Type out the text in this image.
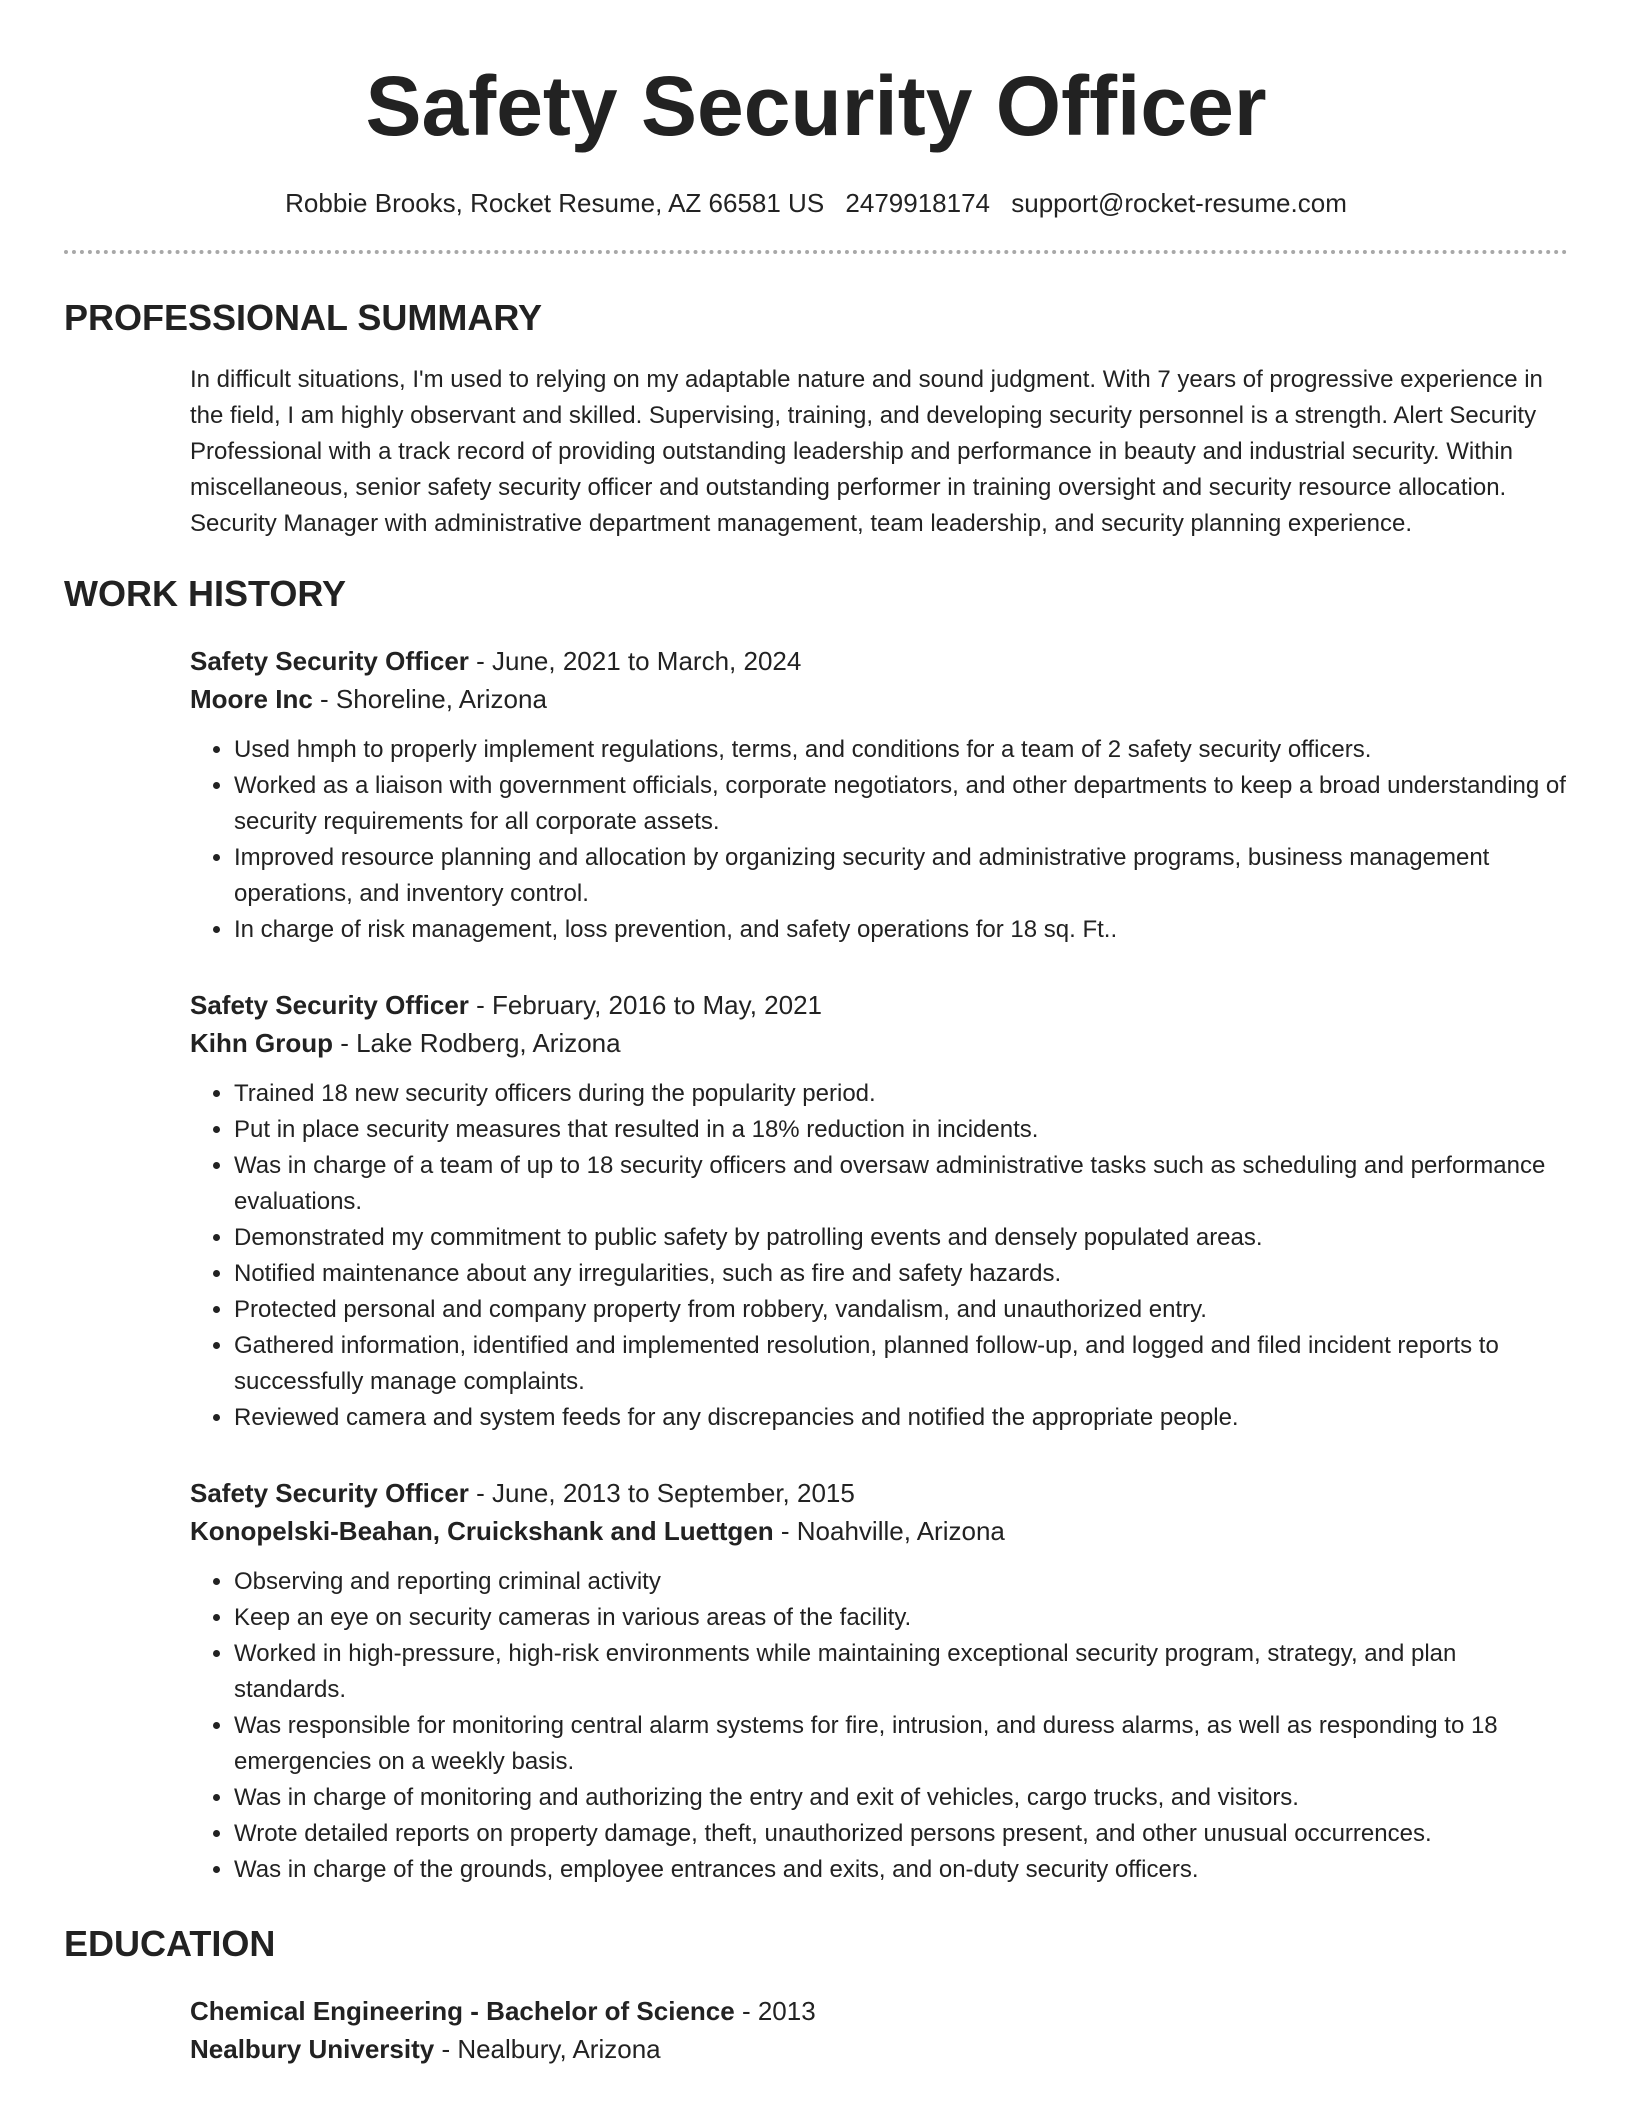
Safety Security Officer
Robbie Brooks, Rocket Resume, AZ 66581 US 2479918174 support@rocket-resume.com
PROFESSIONAL SUMMARY

In difficult situations, I'm used to relying on my adaptable nature and sound judgment. With 7 years of progressive experience in the field, I am highly observant and skilled. Supervising, training, and developing security personnel is a strength. Alert Security Professional with a track record of providing outstanding leadership and performance in beauty and industrial security. Within miscellaneous, senior safety security officer and outstanding performer in training oversight and security resource allocation. Security Manager with administrative department management, team leadership, and security planning experience.

WORK HISTORY
Safety Security Officer - June, 2021 to March, 2024
Moore Inc - Shoreline, Arizona
• Used hmph to properly implement regulations, terms, and conditions for a team of 2 safety security officers.
• Worked as a liaison with government officials, corporate negotiators, and other departments to keep a broad understanding of security requirements for all corporate assets.
• Improved resource planning and allocation by organizing security and administrative programs, business management operations, and inventory control.
• In charge of risk management, loss prevention, and safety operations for 18 sq. Ft..
Safety Security Officer - February, 2016 to May, 2021
Kihn Group - Lake Rodberg, Arizona
• Trained 18 new security officers during the popularity period.
• Put in place security measures that resulted in a 18% reduction in incidents.
• Was in charge of a team of up to 18 security officers and oversaw administrative tasks such as scheduling and performance evaluations.
• Demonstrated my commitment to public safety by patrolling events and densely populated areas.
• Notified maintenance about any irregularities, such as fire and safety hazards.
• Protected personal and company property from robbery, vandalism, and unauthorized entry.
• Gathered information, identified and implemented resolution, planned follow-up, and logged and filed incident reports to successfully manage complaints.
• Reviewed camera and system feeds for any discrepancies and notified the appropriate people.
Safety Security Officer - June, 2013 to September, 2015
Konopelski-Beahan, Cruickshank and Luettgen - Noahville, Arizona
• Observing and reporting criminal activity
• Keep an eye on security cameras in various areas of the facility.
• Worked in high-pressure, high-risk environments while maintaining exceptional security program, strategy, and plan standards.
• Was responsible for monitoring central alarm systems for fire, intrusion, and duress alarms, as well as responding to 18 emergencies on a weekly basis.
• Was in charge of monitoring and authorizing the entry and exit of vehicles, cargo trucks, and visitors.
• Wrote detailed reports on property damage, theft, unauthorized persons present, and other unusual occurrences.
• Was in charge of the grounds, employee entrances and exits, and on-duty security officers.
EDUCATION
Chemical Engineering - Bachelor of Science - 2013
Nealbury University - Nealbury, Arizona
